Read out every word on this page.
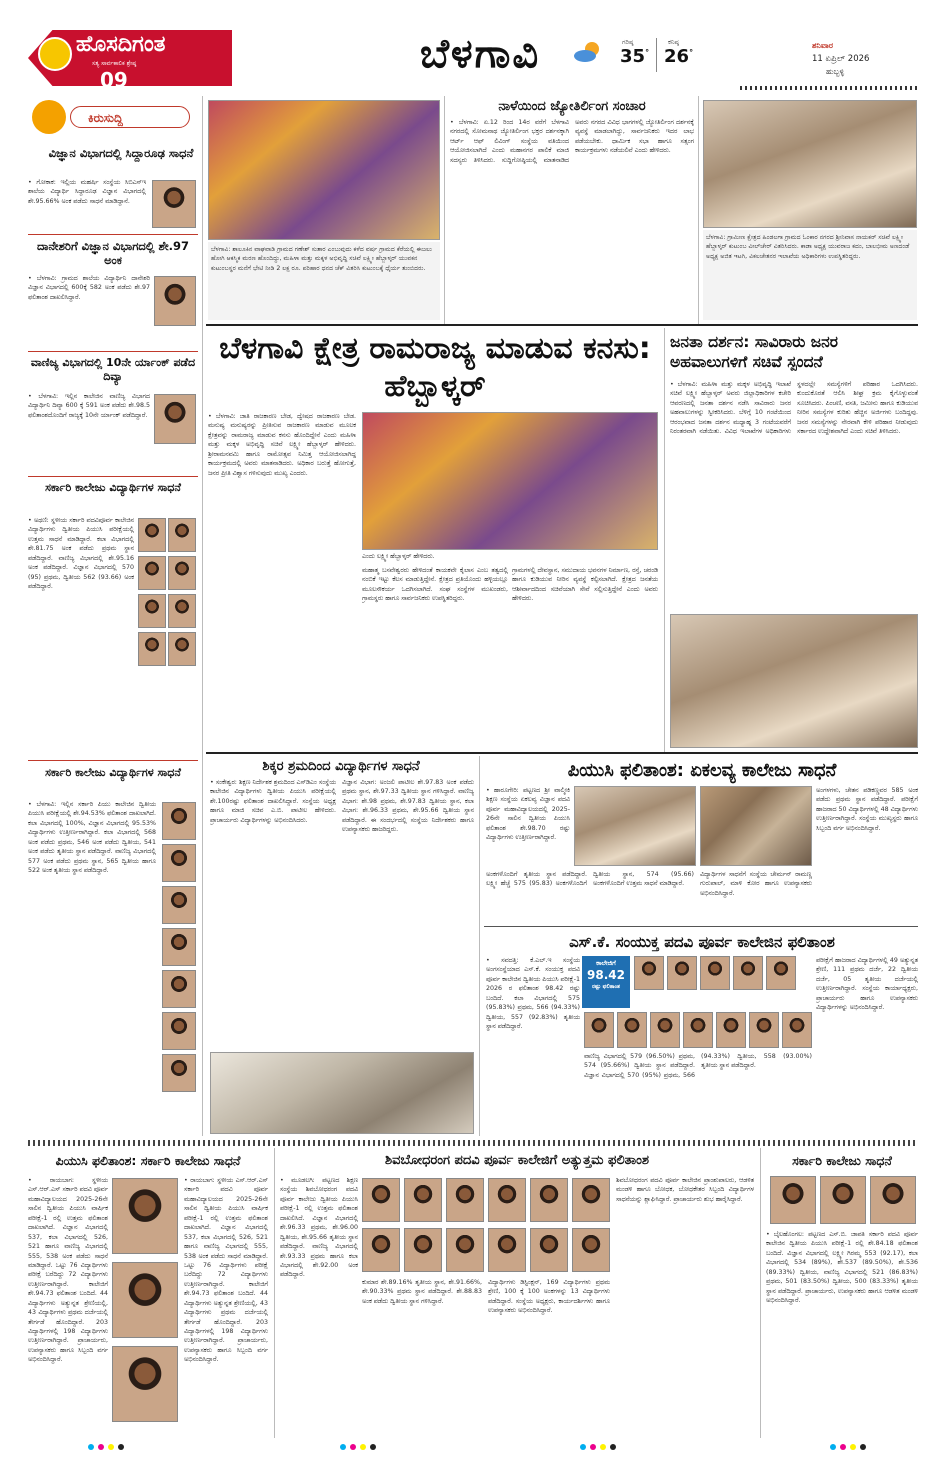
ಹೊಸದಿಗಂತ
ಸತ್ಯ ಸಾರ್ವಕಾಲಿಕ ಶ್ರೇಷ್ಠ
09
ಬೆಳಗಾವಿ	ಗರಿಷ್ಠ
35°
ಕನಿಷ್ಠ
26°
ಶನಿವಾರ
11 ಏಪ್ರಿಲ್ 2026
ಹುಬ್ಬಳ್ಳಿ
ಕಿರುಸುದ್ದಿ
ವಿಜ್ಞಾನ ವಿಭಾಗದಲ್ಲಿ ಸಿದ್ದಾರೂಢ ಸಾಧನೆ
• ಗೋಕಾಕ: ಇಲ್ಲಿಯ ಮಹರ್ಷಿ ಸಂಸ್ಥೆಯ ಸಿಬಿಎಸ್ಇ ಶಾಲೆಯ ವಿದ್ಯಾರ್ಥಿ ಸಿದ್ದಾರೂಢ ವಿಜ್ಞಾನ ವಿಭಾಗದಲ್ಲಿ ಶೇ.95.66% ಅಂಕ ಪಡೆದು ಸಾಧನೆ ಮಾಡಿದ್ದಾನೆ.
ದಾನೇಶರಿಗೆ ವಿಜ್ಞಾನ ವಿಭಾಗದಲ್ಲಿ ಶೇ.97 ಅಂಕ
• ಬೆಳಗಾವಿ: ಗ್ರಾಮದ ಶಾಲೆಯ ವಿದ್ಯಾರ್ಥಿನಿ ದಾನೇಶರಿ ವಿಜ್ಞಾನ ವಿಭಾಗದಲ್ಲಿ 600ಕ್ಕೆ 582 ಅಂಕ ಪಡೆದು ಶೇ.97 ಫಲಿತಾಂಶ ದಾಖಲಿಸಿದ್ದಾರೆ.
ವಾಣಿಜ್ಯ ವಿಭಾಗದಲ್ಲಿ 10ನೇ ರ್ಯಾಂಕ್ ಪಡೆದ ದಿವ್ಯಾ
• ಬೆಳಗಾವಿ: ಇಲ್ಲಿನ ಕಾಲೇಜಿನ ವಾಣಿಜ್ಯ ವಿಭಾಗದ ವಿದ್ಯಾರ್ಥಿನಿ ದಿವ್ಯಾ 600 ಕ್ಕೆ 591 ಅಂಕ ಪಡೆದು ಶೇ.98.5 ಫಲಿತಾಂಶದೊಂದಿಗೆ ರಾಜ್ಯಕ್ಕೆ 10ನೇ ರ್ಯಾಂಕ್ ಪಡೆದಿದ್ದಾರೆ.
ಸರ್ಕಾರಿ ಕಾಲೇಜು ವಿದ್ಯಾರ್ಥಿಗಳ ಸಾಧನೆ
• ಅಥಣಿ: ಸ್ಥಳೀಯ ಸರ್ಕಾರಿ ಪದವಿಪೂರ್ವ ಕಾಲೇಜಿನ ವಿದ್ಯಾರ್ಥಿಗಳು ದ್ವಿತೀಯ ಪಿಯುಸಿ ಪರೀಕ್ಷೆಯಲ್ಲಿ ಉತ್ತಮ ಸಾಧನೆ ಮಾಡಿದ್ದಾರೆ. ಕಲಾ ವಿಭಾಗದಲ್ಲಿ ಶೇ.81.75 ಅಂಕ ಪಡೆದು ಪ್ರಥಮ ಸ್ಥಾನ ಪಡೆದಿದ್ದಾರೆ. ವಾಣಿಜ್ಯ ವಿಭಾಗದಲ್ಲಿ ಶೇ.95.16 ಅಂಕ ಪಡೆದಿದ್ದಾರೆ. ವಿಜ್ಞಾನ ವಿಭಾಗದಲ್ಲಿ 570 (95) ಪ್ರಥಮ, ದ್ವಿತೀಯ 562 (93.66) ಅಂಕ ಪಡೆದಿದ್ದಾರೆ.
ಸರ್ಕಾರಿ ಕಾಲೇಜು ವಿದ್ಯಾರ್ಥಿಗಳ ಸಾಧನೆ
• ಬೆಳಗಾವಿ: ಇಲ್ಲಿನ ಸರ್ಕಾರಿ ಪಿಯು ಕಾಲೇಜಿನ ದ್ವಿತೀಯ ಪಿಯುಸಿ ಪರೀಕ್ಷೆಯಲ್ಲಿ ಶೇ.94.53% ಫಲಿತಾಂಶ ದಾಖಲಾಗಿದೆ. ಕಲಾ ವಿಭಾಗದಲ್ಲಿ 100%, ವಿಜ್ಞಾನ ವಿಭಾಗದಲ್ಲಿ 95.53% ವಿದ್ಯಾರ್ಥಿಗಳು ಉತ್ತೀರ್ಣರಾಗಿದ್ದಾರೆ. ಕಲಾ ವಿಭಾಗದಲ್ಲಿ 568 ಅಂಕ ಪಡೆದು ಪ್ರಥಮ, 546 ಅಂಕ ಪಡೆದು ದ್ವಿತೀಯ, 541 ಅಂಕ ಪಡೆದು ತೃತೀಯ ಸ್ಥಾನ ಪಡೆದಿದ್ದಾರೆ. ವಾಣಿಜ್ಯ ವಿಭಾಗದಲ್ಲಿ 577 ಅಂಕ ಪಡೆದು ಪ್ರಥಮ ಸ್ಥಾನ, 565 ದ್ವಿತೀಯ ಹಾಗೂ 522 ಅಂಕ ತೃತೀಯ ಸ್ಥಾನ ಪಡೆದಿದ್ದಾರೆ.
ಬೆಳಗಾವಿ: ಶಾಲೂಕಿನ ವಾಘವಾಡಿ ಗ್ರಾಮದ ಗಣೇಶ್ ಸುತಾರ ಎಂಬುವುದು ಕಳೆದ ವರ್ಷ ಗ್ರಾಮದ ಕೆರೆಯಲ್ಲಿ ಈಜಲು ಹೋಗಿ ಆಕಸ್ಮಿಕ ಮರಣ ಹೊಂದಿದ್ದು, ಮಹಿಳಾ ಮತ್ತು ಮಕ್ಕಳ ಅಭಿವೃದ್ಧಿ ಸಚಿವೆ ಲಕ್ಷ್ಮೀ ಹೆಬ್ಬಾಳ್ಕರ್ ಯುವಕನ ಕುಟುಂಬಸ್ಥರ ಮನೆಗೆ ಭೇಟಿ ನೀಡಿ 2 ಲಕ್ಷ ರೂ. ಪರಿಹಾರ ಧನದ ಚೆಕ್ ವಿತರಿಸಿ ಕುಟುಂಬಕ್ಕೆ ಧೈರ್ಯ ತುಂಬಿದರು.
ನಾಳೆಯಿಂದ ಜ್ಯೋತಿರ್ಲಿಂಗ ಸಂಚಾರ
• ಬೆಳಗಾವಿ: ಏ.12 ರಿಂದ 14ರ ವರೆಗೆ ಬೆಳಗಾವಿ ನಗರದಲ್ಲಿ ಸೋಮನಾಥ ಜ್ಯೋತಿರ್ಲಿಂಗ ಭಕ್ತರ ದರ್ಶನಕ್ಕಾಗಿ ಆರ್ಟ್ ಆಫ್ ಲಿವಿಂಗ್ ಸಂಸ್ಥೆಯ ವತಿಯಿಂದ ಆಯೋಜಿಸಲಾಗಿದೆ ಎಂದು ಮಹಾನಗರ ಪಾಲಿಕೆ ಮಾಜಿ ಸದಸ್ಯರು ತಿಳಿಸಿದರು. ಸುದ್ದಿಗೋಷ್ಠಿಯಲ್ಲಿ ಮಾತನಾಡಿದ ಅವರು ನಗರದ ವಿವಿಧ ಭಾಗಗಳಲ್ಲಿ ಜ್ಯೋತಿರ್ಲಿಂಗ ದರ್ಶನಕ್ಕೆ ವ್ಯವಸ್ಥೆ ಮಾಡಲಾಗಿದ್ದು, ಸಾರ್ವಜನಿಕರು ಇದರ ಲಾಭ ಪಡೆಯಬೇಕು. ಧಾರ್ಮಿಕ ಸಭಾ ಹಾಗೂ ಸತ್ಸಂಗ ಕಾರ್ಯಕ್ರಮಗಳು ನಡೆಯಲಿವೆ ಎಂದು ಹೇಳಿದರು.
ಬೆಳಗಾವಿ: ಗ್ರಾಮೀಣ ಕ್ಷೇತ್ರದ ಹಿಂಡಲಗಾ ಗ್ರಾಮದ ಓಂಕಾರ ನಗರದ ಶ್ರೀನಿವಾಸ ನಾಯಕರ್ ಸಚಿವೆ ಲಕ್ಷ್ಮೀ ಹೆಬ್ಬಾಳ್ಕರ್ ಕುಟುಂಬ ವೀಲ್‌ಚೇರ್ ವಿತರಿಸಿದರು. ಕಾಡಾ ಅಧ್ಯಕ್ಷ ಯುವರಾಜ ಕದಂ, ಬಾಲಭೀಮ ಅಣದಂಡೆ ಅಧ್ಯಕ್ಷ ಅಜಿತ ಇಟಗಿ, ವಿಕಲಚೇತನರ ಇಲಾಖೆಯ ಅಧಿಕಾರಿಗಳು ಉಪಸ್ಥಿತರಿದ್ದರು.
ಬೆಳಗಾವಿ ಕ್ಷೇತ್ರ ರಾಮರಾಜ್ಯ ಮಾಡುವ ಕನಸು: ಹೆಬ್ಬಾಳ್ಕರ್
• ಬೆಳಗಾವಿ: ಜಾತಿ ರಾಜಕಾರಣ ಬೇಡ, ದ್ವೇಷದ ರಾಜಕಾರಣ ಬೇಡ. ಮನುಷ್ಯ ಮನುಷ್ಯರನ್ನು ಪ್ರೀತಿಸುವ ರಾಜಕಾರಣ ಮಾಡುವ ಮೂಲಕ ಕ್ಷೇತ್ರವನ್ನು ರಾಮರಾಜ್ಯ ಮಾಡುವ ಕನಸು ಹೊಂದಿದ್ದೇನೆ ಎಂದು ಮಹಿಳಾ ಮತ್ತು ಮಕ್ಕಳ ಅಭಿವೃದ್ಧಿ ಸಚಿವೆ ಲಕ್ಷ್ಮೀ ಹೆಬ್ಬಾಳ್ಕರ್ ಹೇಳಿದರು. ಶ್ರೀರಾಮನವಮಿ ಹಾಗೂ ರಾಮೋತ್ಸವ ನಿಮಿತ್ತ ಆಯೋಜಿಸಲಾಗಿದ್ದ ಕಾರ್ಯಕ್ರಮದಲ್ಲಿ ಅವರು ಮಾತನಾಡಿದರು. ಅಧಿಕಾರ ಬರುತ್ತೆ ಹೋಗುತ್ತೆ, ಜನರ ಪ್ರೀತಿ ವಿಶ್ವಾಸ ಗಳಿಸುವುದು ಮುಖ್ಯ ಎಂದರು.
ಎಂದು ಲಕ್ಷ್ಮೀ ಹೆಬ್ಬಾಳ್ಕರ್ ಹೇಳಿದರು.
ಮಹಾತ್ಮ ಬಸವೇಶ್ವರರು ಹೇಳಿದಂತೆ ಕಾಯಕವೇ ಕೈಲಾಸ ಎಂಬ ತತ್ವದಲ್ಲಿ ನಂಬಿಕೆ ಇಟ್ಟು ಕೆಲಸ ಮಾಡುತ್ತಿದ್ದೇನೆ. ಕ್ಷೇತ್ರದ ಪ್ರತಿಯೊಂದು ಹಳ್ಳಿಯಲ್ಲೂ ಮೂಲಸೌಕರ್ಯ ಒದಗಿಸಲಾಗಿದೆ. ಸಂಘ ಸಂಸ್ಥೆಗಳ ಮುಖಂಡರು, ಗ್ರಾಮಸ್ಥರು ಹಾಗೂ ಸಾರ್ವಜನಿಕರು ಉಪಸ್ಥಿತರಿದ್ದರು.
ಗ್ರಾಮಗಳಲ್ಲಿ ದೇವಸ್ಥಾನ, ಸಮುದಾಯ ಭವನಗಳ ನಿರ್ಮಾಣ, ರಸ್ತೆ, ಚರಂಡಿ ಹಾಗೂ ಕುಡಿಯುವ ನೀರಿನ ವ್ಯವಸ್ಥೆ ಕಲ್ಪಿಸಲಾಗಿದೆ. ಕ್ಷೇತ್ರದ ಜನತೆಯ ಆಶೀರ್ವಾದದಿಂದ ಸಚಿವೆಯಾಗಿ ಸೇವೆ ಸಲ್ಲಿಸುತ್ತಿದ್ದೇನೆ ಎಂದು ಅವರು ಹೇಳಿದರು.
ಜನತಾ ದರ್ಶನ: ಸಾವಿರಾರು ಜನರ ಅಹವಾಲುಗಳಿಗೆ ಸಚಿವೆ ಸ್ಪಂದನೆ
• ಬೆಳಗಾವಿ: ಮಹಿಳಾ ಮತ್ತು ಮಕ್ಕಳ ಅಭಿವೃದ್ಧಿ ಇಲಾಖೆ ಸಚಿವೆ ಲಕ್ಷ್ಮೀ ಹೆಬ್ಬಾಳ್ಕರ್ ಅವರು ಜಿಲ್ಲಾಧಿಕಾರಿಗಳ ಕಚೇರಿ ಆವರಣದಲ್ಲಿ ಜನತಾ ದರ್ಶನ ನಡೆಸಿ ಸಾವಿರಾರು ಜನರ ಅಹವಾಲುಗಳನ್ನು ಸ್ವೀಕರಿಸಿದರು. ಬೆಳಿಗ್ಗೆ 10 ಗಂಟೆಯಿಂದ ಆರಂಭವಾದ ಜನತಾ ದರ್ಶನ ಮಧ್ಯಾಹ್ನ 3 ಗಂಟೆಯವರೆಗೆ ನಿರಂತರವಾಗಿ ನಡೆಯಿತು. ವಿವಿಧ ಇಲಾಖೆಗಳ ಅಧಿಕಾರಿಗಳು ಸ್ಥಳದಲ್ಲೇ ಸಮಸ್ಯೆಗಳಿಗೆ ಪರಿಹಾರ ಒದಗಿಸಿದರು. ಕುಂದುಕೊರತೆ ಆಲಿಸಿ ಶೀಘ್ರ ಕ್ರಮ ಕೈಗೊಳ್ಳುವಂತೆ ಸೂಚಿಸಿದರು. ಪಿಂಚಣಿ, ವಸತಿ, ಜಮೀನು ಹಾಗೂ ಕುಡಿಯುವ ನೀರಿನ ಸಮಸ್ಯೆಗಳ ಕುರಿತು ಹೆಚ್ಚಿನ ಅರ್ಜಿಗಳು ಬಂದಿದ್ದವು. ಜನರ ಸಮಸ್ಯೆಗಳನ್ನು ನೇರವಾಗಿ ಕೇಳಿ ಪರಿಹಾರ ನೀಡುವುದು ಸರ್ಕಾರದ ಉದ್ದೇಶವಾಗಿದೆ ಎಂದು ಸಚಿವೆ ತಿಳಿಸಿದರು.
ಶಿಕ್ಕರ ಶ್ರಮದಿಂದ ವಿದ್ಯಾರ್ಥಿಗಳ ಸಾಧನೆ
• ಸಂಕೇಶ್ವರ: ಶಿಕ್ಷಣ ನಿರ್ದೇಶಕ ಶ್ರಮದಿಂದ ಎಸ್‌ಡಿಎಂ ಸಂಸ್ಥೆಯ ಕಾಲೇಜಿನ ವಿದ್ಯಾರ್ಥಿಗಳು ದ್ವಿತೀಯ ಪಿಯುಸಿ ಪರೀಕ್ಷೆಯಲ್ಲಿ ಶೇ.100ರಷ್ಟು ಫಲಿತಾಂಶ ದಾಖಲಿಸಿದ್ದಾರೆ. ಸಂಸ್ಥೆಯ ಅಧ್ಯಕ್ಷ ಹಾಗೂ ಮಾಜಿ ಸಚಿವ ಎ.ಬಿ. ಪಾಟೀಲ ಹೇಳಿದರು. ಪ್ರಾಚಾರ್ಯರು ವಿದ್ಯಾರ್ಥಿಗಳನ್ನು ಅಭಿನಂದಿಸಿದರು.
ವಿಜ್ಞಾನ ವಿಭಾಗ: ಅಂಜಲಿ ಪಾಟೀಲ ಶೇ.97.83 ಅಂಕ ಪಡೆದು ಪ್ರಥಮ ಸ್ಥಾನ, ಶೇ.97.33 ದ್ವಿತೀಯ ಸ್ಥಾನ ಗಳಿಸಿದ್ದಾರೆ. ವಾಣಿಜ್ಯ ವಿಭಾಗ: ಶೇ.98 ಪ್ರಥಮ, ಶೇ.97.83 ದ್ವಿತೀಯ ಸ್ಥಾನ, ಕಲಾ ವಿಭಾಗ: ಶೇ.96.33 ಪ್ರಥಮ, ಶೇ.95.66 ದ್ವಿತೀಯ ಸ್ಥಾನ ಪಡೆದಿದ್ದಾರೆ. ಈ ಸಂದರ್ಭದಲ್ಲಿ ಸಂಸ್ಥೆಯ ನಿರ್ದೇಶಕರು ಹಾಗೂ ಉಪನ್ಯಾಸಕರು ಹಾಜರಿದ್ದರು.
ಪಿಯುಸಿ ಫಲಿತಾಂಶ: ಏಕಲವ್ಯ ಕಾಲೇಜು ಸಾಧನೆ
• ಹಾರೂಗೇರಿ: ಪಟ್ಟಣದ ಶ್ರೀ ವಾಲ್ಮೀಕಿ ಶಿಕ್ಷಣ ಸಂಸ್ಥೆಯ ಏಕಲವ್ಯ ವಿಜ್ಞಾನ ಪದವಿ ಪೂರ್ವ ಮಹಾವಿದ್ಯಾಲಯದಲ್ಲಿ 2025-26ನೇ ಸಾಲಿನ ದ್ವಿತೀಯ ಪಿಯುಸಿ ಫಲಿತಾಂಶ ಶೇ.98.70 ರಷ್ಟು ವಿದ್ಯಾರ್ಥಿಗಳು ಉತ್ತೀರ್ಣರಾಗಿದ್ದಾರೆ.
ಅಂಕಗಳೊಂದಿಗೆ ತೃತೀಯ ಸ್ಥಾನ ಪಡೆದಿದ್ದಾರೆ. ಲಕ್ಷ್ಮೀ ಹೆಚ್ಚೆ 575 (95.83) ಅಂಕಗಳೊಂದಿಗೆ ದ್ವಿತೀಯ ಸ್ಥಾನ, 574 (95.66) ಅಂಕಗಳೊಂದಿಗೆ ಉತ್ತಮ ಸಾಧನೆ ಮಾಡಿದ್ದಾರೆ.
ವಿದ್ಯಾರ್ಥಿಗಳ ಸಾಧನೆಗೆ ಸಂಸ್ಥೆಯ ಚೇರ್ಮನ್ ರಾಮಣ್ಣ ಗುರುಪಾಲ್, ಮಾಳಿ ಕೋರ ಹಾಗೂ ಉಪನ್ಯಾಸಕರು ಅಭಿನಂದಿಸಿದ್ದಾರೆ.
ಅಂಗಳಗಳು, ಚೇತನ ಪಡಿಕಣ್ಣವರ 585 ಅಂಕ ಪಡೆದು ಪ್ರಥಮ ಸ್ಥಾನ ಪಡೆದಿದ್ದಾರೆ. ಪರೀಕ್ಷೆಗೆ ಹಾಜರಾದ 50 ವಿದ್ಯಾರ್ಥಿಗಳಲ್ಲಿ 48 ವಿದ್ಯಾರ್ಥಿಗಳು ಉತ್ತೀರ್ಣರಾಗಿದ್ದಾರೆ. ಸಂಸ್ಥೆಯ ಮುಖ್ಯಸ್ಥರು ಹಾಗೂ ಸಿಬ್ಬಂದಿ ವರ್ಗ ಅಭಿನಂದಿಸಿದ್ದಾರೆ.
ಎಸ್.ಕೆ. ಸಂಯುಕ್ತ ಪದವಿ ಪೂರ್ವ ಕಾಲೇಜಿನ ಫಲಿತಾಂಶ
• ಸವದತ್ತಿ: ಕೆ.ಎಲ್.ಇ ಸಂಸ್ಥೆಯ ಅಂಗಸಂಸ್ಥೆಯಾದ ಎಸ್.ಕೆ. ಸಂಯುಕ್ತ ಪದವಿ ಪೂರ್ವ ಕಾಲೇಜಿನ ದ್ವಿತೀಯ ಪಿಯುಸಿ ಪರೀಕ್ಷೆ-1 2026 ರ ಫಲಿತಾಂಶ 98.42 ರಷ್ಟು ಬಂದಿದೆ. ಕಲಾ ವಿಭಾಗದಲ್ಲಿ 575 (95.83%) ಪ್ರಥಮ, 566 (94.33%) ದ್ವಿತೀಯ, 557 (92.83%) ತೃತೀಯ ಸ್ಥಾನ ಪಡೆದಿದ್ದಾರೆ.
ಕಾಲೇಜಿಗೆ
98.42
ರಷ್ಟು ಫಲಿತಾಂಶ
ವಾಣಿಜ್ಯ ವಿಭಾಗದಲ್ಲಿ 579 (96.50%) ಪ್ರಥಮ, 574 (95.66%) ದ್ವಿತೀಯ ಸ್ಥಾನ ಪಡೆದಿದ್ದಾರೆ. ವಿಜ್ಞಾನ ವಿಭಾಗದಲ್ಲಿ 570 (95%) ಪ್ರಥಮ, 566 (94.33%) ದ್ವಿತೀಯ, 558 (93.00%) ತೃತೀಯ ಸ್ಥಾನ ಪಡೆದಿದ್ದಾರೆ.
ಪರೀಕ್ಷೆಗೆ ಹಾಜರಾದ ವಿದ್ಯಾರ್ಥಿಗಳಲ್ಲಿ 49 ಅತ್ಯುನ್ನತ ಶ್ರೇಣಿ, 111 ಪ್ರಥಮ ದರ್ಜೆ, 22 ದ್ವಿತೀಯ ದರ್ಜೆ, 05 ತೃತೀಯ ದರ್ಜೆಯಲ್ಲಿ ಉತ್ತೀರ್ಣರಾಗಿದ್ದಾರೆ. ಸಂಸ್ಥೆಯ ಕಾರ್ಯಾಧ್ಯಕ್ಷರು, ಪ್ರಾಚಾರ್ಯರು ಹಾಗೂ ಉಪನ್ಯಾಸಕರು ವಿದ್ಯಾರ್ಥಿಗಳನ್ನು ಅಭಿನಂದಿಸಿದ್ದಾರೆ.
ಪಿಯುಸಿ ಫಲಿತಾಂಶ: ಸರ್ಕಾರಿ ಕಾಲೇಜು ಸಾಧನೆ
• ರಾಯಬಾಗ: ಸ್ಥಳೀಯ ಎಸ್.ಆರ್.ಎಸ್ ಸರ್ಕಾರಿ ಪದವಿ ಪೂರ್ವ ಮಹಾವಿದ್ಯಾಲಯದ 2025-26ನೇ ಸಾಲಿನ ದ್ವಿತೀಯ ಪಿಯುಸಿ ವಾರ್ಷಿಕ ಪರೀಕ್ಷೆ-1 ರಲ್ಲಿ ಉತ್ತಮ ಫಲಿತಾಂಶ ದಾಖಲಾಗಿದೆ. ವಿಜ್ಞಾನ ವಿಭಾಗದಲ್ಲಿ 537, ಕಲಾ ವಿಭಾಗದಲ್ಲಿ 526, 521 ಹಾಗೂ ವಾಣಿಜ್ಯ ವಿಭಾಗದಲ್ಲಿ 555, 538 ಅಂಕ ಪಡೆದು ಸಾಧನೆ ಮಾಡಿದ್ದಾರೆ. ಒಟ್ಟು 76 ವಿದ್ಯಾರ್ಥಿಗಳು ಪರೀಕ್ಷೆ ಬರೆದಿದ್ದು 72 ವಿದ್ಯಾರ್ಥಿಗಳು ಉತ್ತೀರ್ಣರಾಗಿದ್ದಾರೆ. ಕಾಲೇಜಿಗೆ ಶೇ.94.73 ಫಲಿತಾಂಶ ಬಂದಿದೆ. 44 ವಿದ್ಯಾರ್ಥಿಗಳು ಅತ್ಯುನ್ನತ ಶ್ರೇಣಿಯಲ್ಲಿ, 43 ವಿದ್ಯಾರ್ಥಿಗಳು ಪ್ರಥಮ ದರ್ಜೆಯಲ್ಲಿ ತೇರ್ಗಡೆ ಹೊಂದಿದ್ದಾರೆ. 203 ವಿದ್ಯಾರ್ಥಿಗಳಲ್ಲಿ 198 ವಿದ್ಯಾರ್ಥಿಗಳು ಉತ್ತೀರ್ಣರಾಗಿದ್ದಾರೆ. ಪ್ರಾಚಾರ್ಯರು, ಉಪನ್ಯಾಸಕರು ಹಾಗೂ ಸಿಬ್ಬಂದಿ ವರ್ಗ ಅಭಿನಂದಿಸಿದ್ದಾರೆ.
• ರಾಯಬಾಗ: ಸ್ಥಳೀಯ ಎಸ್.ಆರ್.ಎಸ್ ಸರ್ಕಾರಿ ಪದವಿ ಪೂರ್ವ ಮಹಾವಿದ್ಯಾಲಯದ 2025-26ನೇ ಸಾಲಿನ ದ್ವಿತೀಯ ಪಿಯುಸಿ ವಾರ್ಷಿಕ ಪರೀಕ್ಷೆ-1 ರಲ್ಲಿ ಉತ್ತಮ ಫಲಿತಾಂಶ ದಾಖಲಾಗಿದೆ. ವಿಜ್ಞಾನ ವಿಭಾಗದಲ್ಲಿ 537, ಕಲಾ ವಿಭಾಗದಲ್ಲಿ 526, 521 ಹಾಗೂ ವಾಣಿಜ್ಯ ವಿಭಾಗದಲ್ಲಿ 555, 538 ಅಂಕ ಪಡೆದು ಸಾಧನೆ ಮಾಡಿದ್ದಾರೆ. ಒಟ್ಟು 76 ವಿದ್ಯಾರ್ಥಿಗಳು ಪರೀಕ್ಷೆ ಬರೆದಿದ್ದು 72 ವಿದ್ಯಾರ್ಥಿಗಳು ಉತ್ತೀರ್ಣರಾಗಿದ್ದಾರೆ. ಕಾಲೇಜಿಗೆ ಶೇ.94.73 ಫಲಿತಾಂಶ ಬಂದಿದೆ. 44 ವಿದ್ಯಾರ್ಥಿಗಳು ಅತ್ಯುನ್ನತ ಶ್ರೇಣಿಯಲ್ಲಿ, 43 ವಿದ್ಯಾರ್ಥಿಗಳು ಪ್ರಥಮ ದರ್ಜೆಯಲ್ಲಿ ತೇರ್ಗಡೆ ಹೊಂದಿದ್ದಾರೆ. 203 ವಿದ್ಯಾರ್ಥಿಗಳಲ್ಲಿ 198 ವಿದ್ಯಾರ್ಥಿಗಳು ಉತ್ತೀರ್ಣರಾಗಿದ್ದಾರೆ. ಪ್ರಾಚಾರ್ಯರು, ಉಪನ್ಯಾಸಕರು ಹಾಗೂ ಸಿಬ್ಬಂದಿ ವರ್ಗ ಅಭಿನಂದಿಸಿದ್ದಾರೆ.
ಶಿವಬೋಧರಂಗ ಪದವಿ ಪೂರ್ವ ಕಾಲೇಜಿಗೆ ಅತ್ಯುತ್ತಮ ಫಲಿತಾಂಶ
• ಮೂಡಲಗಿ: ಪಟ್ಟಣದ ಶಿಕ್ಷಣ ಸಂಸ್ಥೆಯ ಶಿವಬೋಧರಂಗ ಪದವಿ ಪೂರ್ವ ಕಾಲೇಜು ದ್ವಿತೀಯ ಪಿಯುಸಿ ಪರೀಕ್ಷೆ-1 ರಲ್ಲಿ ಉತ್ತಮ ಫಲಿತಾಂಶ ದಾಖಲಿಸಿದೆ. ವಿಜ್ಞಾನ ವಿಭಾಗದಲ್ಲಿ ಶೇ.96.33 ಪ್ರಥಮ, ಶೇ.96.00 ದ್ವಿತೀಯ, ಶೇ.95.66 ತೃತೀಯ ಸ್ಥಾನ ಪಡೆದಿದ್ದಾರೆ. ವಾಣಿಜ್ಯ ವಿಭಾಗದಲ್ಲಿ ಶೇ.93.33 ಪ್ರಥಮ ಹಾಗೂ ಕಲಾ ವಿಭಾಗದಲ್ಲಿ ಶೇ.92.00 ಅಂಕ ಪಡೆದಿದ್ದಾರೆ.
ಕುಮಾರ ಶೇ.89.16% ತೃತೀಯ ಸ್ಥಾನ, ಶೇ.91.66%, ಶೇ.90.33% ಪ್ರಥಮ ಸ್ಥಾನ ಪಡೆದಿದ್ದಾರೆ. ಶೇ.88.83 ಅಂಕ ಪಡೆದು ದ್ವಿತೀಯ ಸ್ಥಾನ ಗಳಿಸಿದ್ದಾರೆ.
ವಿದ್ಯಾರ್ಥಿಗಳು ಡಿಸ್ಟಿಂಕ್ಷನ್, 169 ವಿದ್ಯಾರ್ಥಿಗಳು ಪ್ರಥಮ ಶ್ರೇಣಿ, 100 ಕ್ಕೆ 100 ಅಂಕಗಳನ್ನು 13 ವಿದ್ಯಾರ್ಥಿಗಳು ಪಡೆದಿದ್ದಾರೆ. ಸಂಸ್ಥೆಯ ಅಧ್ಯಕ್ಷರು, ಕಾರ್ಯದರ್ಶಿಗಳು ಹಾಗೂ ಉಪನ್ಯಾಸಕರು ಅಭಿನಂದಿಸಿದ್ದಾರೆ.
ಶಿವಬೋಧರಂಗ ಪದವಿ ಪೂರ್ವ ಕಾಲೇಜಿನ ಪ್ರಾಂಶುಪಾಲರು, ಆಡಳಿತ ಮಂಡಳಿ ಹಾಗೂ ಬೋಧಕ, ಬೋಧಕೇತರ ಸಿಬ್ಬಂದಿ ವಿದ್ಯಾರ್ಥಿಗಳ ಸಾಧನೆಯನ್ನು ಶ್ಲಾಘಿಸಿದ್ದಾರೆ. ಪ್ರಾಚಾರ್ಯರು ಶುಭ ಹಾರೈಸಿದ್ದಾರೆ.
ಸರ್ಕಾರಿ ಕಾಲೇಜು ಸಾಧನೆ
• ಬೈಲಹೊಂಗಲ: ಪಟ್ಟಣದ ಎಸ್.ಬಿ. ಜಾಪತಿ ಸರ್ಕಾರಿ ಪದವಿ ಪೂರ್ವ ಕಾಲೇಜಿನ ದ್ವಿತೀಯ ಪಿಯುಸಿ ಪರೀಕ್ಷೆ-1 ರಲ್ಲಿ ಶೇ.84.18 ಫಲಿತಾಂಶ ಬಂದಿದೆ. ವಿಜ್ಞಾನ ವಿಭಾಗದಲ್ಲಿ ಲಕ್ಷ್ಮೀ ಗಿರಮ್ಮ 553 (92.17), ಕಲಾ ವಿಭಾಗದಲ್ಲಿ 534 (89%), ಶೇ.537 (89.50%), ಶೇ.536 (89.33%) ದ್ವಿತೀಯ, ವಾಣಿಜ್ಯ ವಿಭಾಗದಲ್ಲಿ 521 (86.83%) ಪ್ರಥಮ, 501 (83.50%) ದ್ವಿತೀಯ, 500 (83.33%) ತೃತೀಯ ಸ್ಥಾನ ಪಡೆದಿದ್ದಾರೆ. ಪ್ರಾಚಾರ್ಯರು, ಉಪನ್ಯಾಸಕರು ಹಾಗೂ ಆಡಳಿತ ಮಂಡಳಿ ಅಭಿನಂದಿಸಿದ್ದಾರೆ.
